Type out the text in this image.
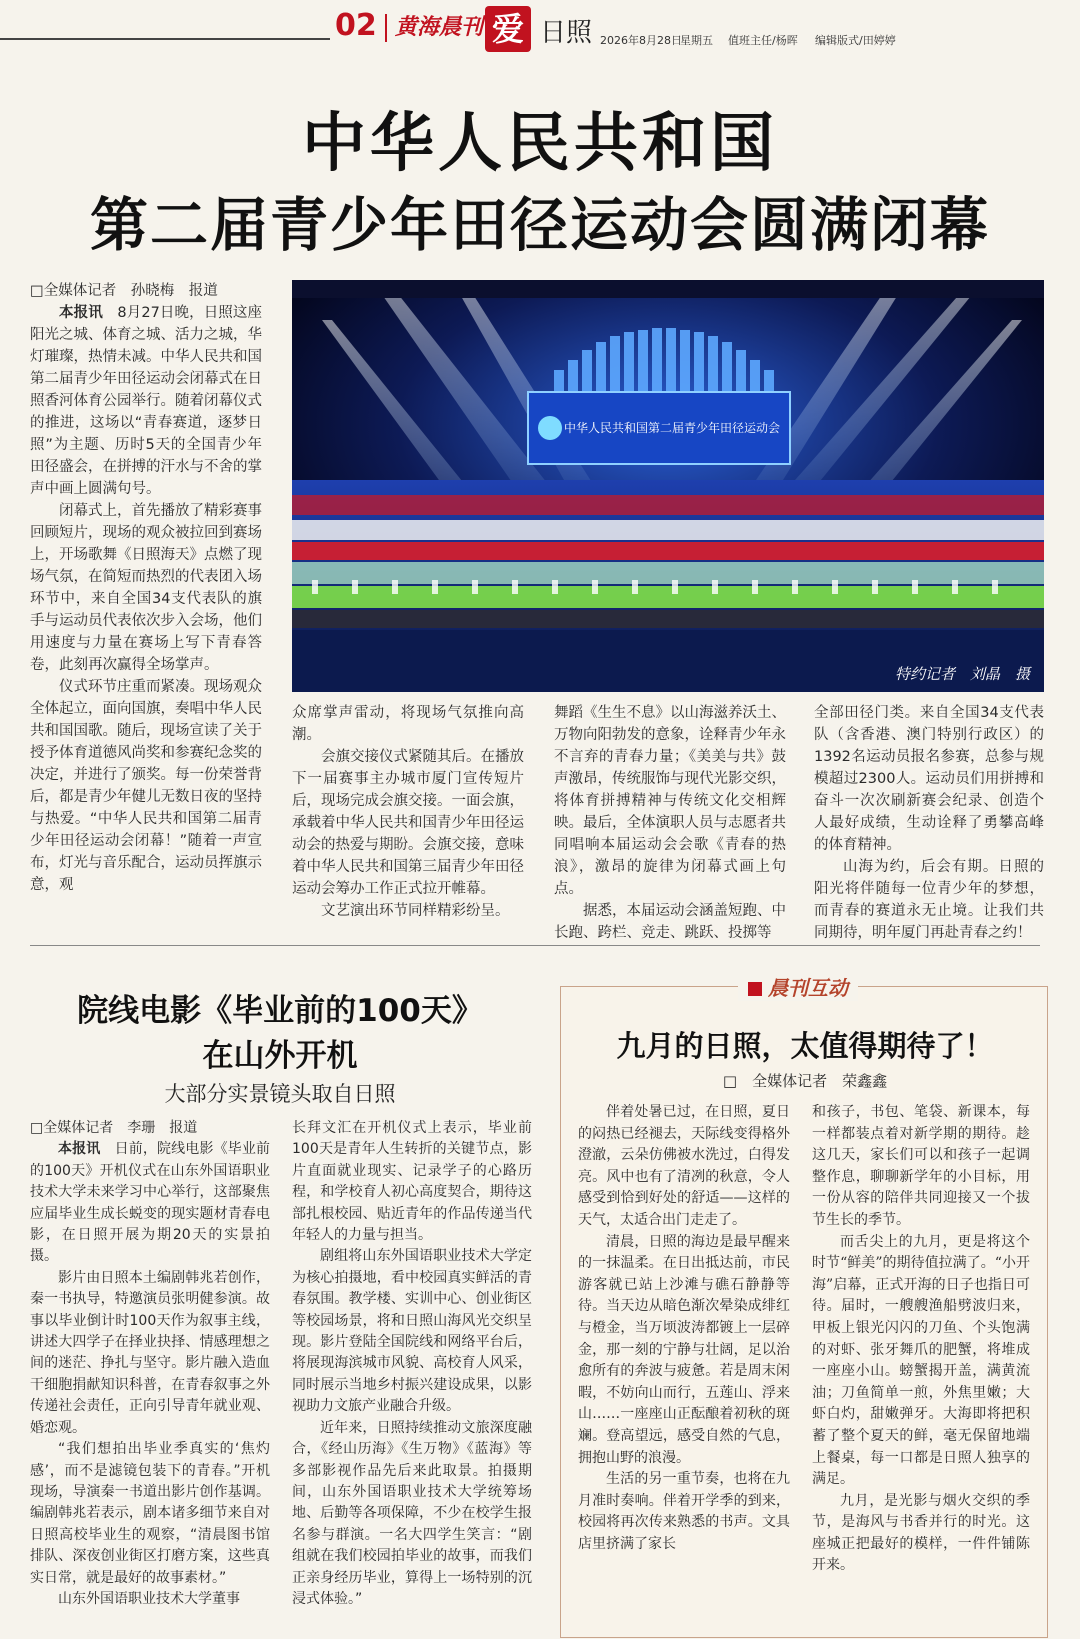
02 黄海晨刊 爱 日照 2026年8月28日
星期五 值班主任/杨晖 编辑版式/田婷婷
中华人民共和国
第二届青少年田径运动会圆满闭幕

□全媒体记者　孙晓梅　报道

本报讯　 8月27日晚，日照这座阳光之城、体育之城、活力之城，华灯璀璨，热情未减。中华人民共和国第二届青少年田径运动会闭幕式在日照香河体育公园举行。随着闭幕仪式的推进，这场以“青春赛道，逐梦日照”为主题、历时5天的全国青少年田径盛会，在拼搏的汗水与不舍的掌声中画上圆满句号。

闭幕式上，首先播放了精彩赛事回顾短片，现场的观众被拉回到赛场上，开场歌舞《日照海天》点燃了现场气氛，在简短而热烈的代表团入场环节中，来自全国34支代表队的旗手与运动员代表依次步入会场，他们用速度与力量在赛场上写下青春答卷，此刻再次赢得全场掌声。

仪式环节庄重而紧凑。现场观众全体起立，面向国旗，奏唱中华人民共和国国歌。随后，现场宣读了关于授予体育道德风尚奖和参赛纪念奖的决定，并进行了颁奖。每一份荣誉背后，都是青少年健儿无数日夜的坚持与热爱。“中华人民共和国第二届青少年田径运动会闭幕！”随着一声宣布，灯光与音乐配合，运动员挥旗示意，观

中华人民共和国第二届青少年田径运动会
特约记者　刘晶　摄

众席掌声雷动，将现场气氛推向高潮。

会旗交接仪式紧随其后。在播放下一届赛事主办城市厦门宣传短片后，现场完成会旗交接。一面会旗，承载着中华人民共和国青少年田径运动会的热爱与期盼。会旗交接，意味着中华人民共和国第三届青少年田径运动会筹办工作正式拉开帷幕。

文艺演出环节同样精彩纷呈。

舞蹈《生生不息》以山海滋养沃土、万物向阳勃发的意象，诠释青少年永不言弃的青春力量；《美美与共》鼓声激昂，传统服饰与现代光影交织，将体育拼搏精神与传统文化交相辉映。最后，全体演职人员与志愿者共同唱响本届运动会会歌《青春的热浪》，激昂的旋律为闭幕式画上句点。

据悉，本届运动会涵盖短跑、中长跑、跨栏、竞走、跳跃、投掷等

全部田径门类。来自全国34支代表队（含香港、澳门特别行政区）的1392名运动员报名参赛，总参与规模超过2300人。运动员们用拼搏和奋斗一次次刷新赛会纪录、创造个人最好成绩，生动诠释了勇攀高峰的体育精神。

山海为约，后会有期。日照的阳光将伴随每一位青少年的梦想，而青春的赛道永无止境。让我们共同期待，明年厦门再赴青春之约！

院线电影《毕业前的100天》
在山外开机
大部分实景镜头取自日照

□全媒体记者　李珊　报道

本报讯　 日前，院线电影《毕业前的100天》开机仪式在山东外国语职业技术大学未来学习中心举行，这部聚焦应届毕业生成长蜕变的现实题材青春电影，在日照开展为期20天的实景拍摄。

影片由日照本土编剧韩兆若创作，秦一书执导，特邀演员张明健参演。故事以毕业倒计时100天作为叙事主线，讲述大四学子在择业抉择、情感理想之间的迷茫、挣扎与坚守。影片融入造血干细胞捐献知识科普，在青春叙事之外传递社会责任，正向引导青年就业观、婚恋观。

“我们想拍出毕业季真实的‘焦灼感’，而不是滤镜包装下的青春。”开机现场，导演秦一书道出影片创作基调。编剧韩兆若表示，剧本诸多细节来自对日照高校毕业生的观察，“清晨图书馆排队、深夜创业街区打磨方案，这些真实日常，就是最好的故事素材。”

山东外国语职业技术大学董事

长拜文汇在开机仪式上表示，毕业前100天是青年人生转折的关键节点，影片直面就业现实、记录学子的心路历程，和学校育人初心高度契合，期待这部扎根校园、贴近青年的作品传递当代年轻人的力量与担当。

剧组将山东外国语职业技术大学定为核心拍摄地，看中校园真实鲜活的青春氛围。教学楼、实训中心、创业街区等校园场景，将和日照山海风光交织呈现。影片登陆全国院线和网络平台后，将展现海滨城市风貌、高校育人风采，同时展示当地乡村振兴建设成果，以影视助力文旅产业融合升级。

近年来，日照持续推动文旅深度融合，《经山历海》《生万物》《蓝海》等多部影视作品先后来此取景。拍摄期间，山东外国语职业技术大学统筹场地、后勤等各项保障，不少在校学生报名参与群演。一名大四学生笑言：“剧组就在我们校园拍毕业的故事，而我们正亲身经历毕业，算得上一场特别的沉浸式体验。”

晨刊互动
九月的日照，太值得期待了！
□　全媒体记者　荣鑫鑫

伴着处暑已过，在日照，夏日的闷热已经褪去，天际线变得格外澄澈，云朵仿佛被水洗过，白得发亮。风中也有了清冽的秋意，令人感受到恰到好处的舒适——这样的天气，太适合出门走走了。

清晨，日照的海边是最早醒来的一抹温柔。在日出抵达前，市民游客就已站上沙滩与礁石静静等待。当天边从暗色渐次晕染成绯红与橙金，当万顷波涛都镀上一层碎金，那一刻的宁静与壮阔，足以治愈所有的奔波与疲惫。若是周末闲暇，不妨向山而行，五莲山、浮来山……一座座山正酝酿着初秋的斑斓。登高望远，感受自然的气息，拥抱山野的浪漫。

生活的另一重节奏，也将在九月准时奏响。伴着开学季的到来，校园将再次传来熟悉的书声。文具店里挤满了家长

和孩子，书包、笔袋、新课本，每一样都装点着对新学期的期待。趁这几天，家长们可以和孩子一起调整作息，聊聊新学年的小目标，用一份从容的陪伴共同迎接又一个拔节生长的季节。

而舌尖上的九月，更是将这个时节“鲜美”的期待值拉满了。“小开海”启幕，正式开海的日子也指日可待。届时，一艘艘渔船劈波归来，甲板上银光闪闪的刀鱼、个头饱满的对虾、张牙舞爪的肥蟹，将堆成一座座小山。螃蟹揭开盖，满黄流油；刀鱼简单一煎，外焦里嫩；大虾白灼，甜嫩弹牙。大海即将把积蓄了整个夏天的鲜，毫无保留地端上餐桌，每一口都是日照人独享的满足。

九月，是光影与烟火交织的季节，是海风与书香并行的时光。这座城正把最好的模样，一件件铺陈开来。
